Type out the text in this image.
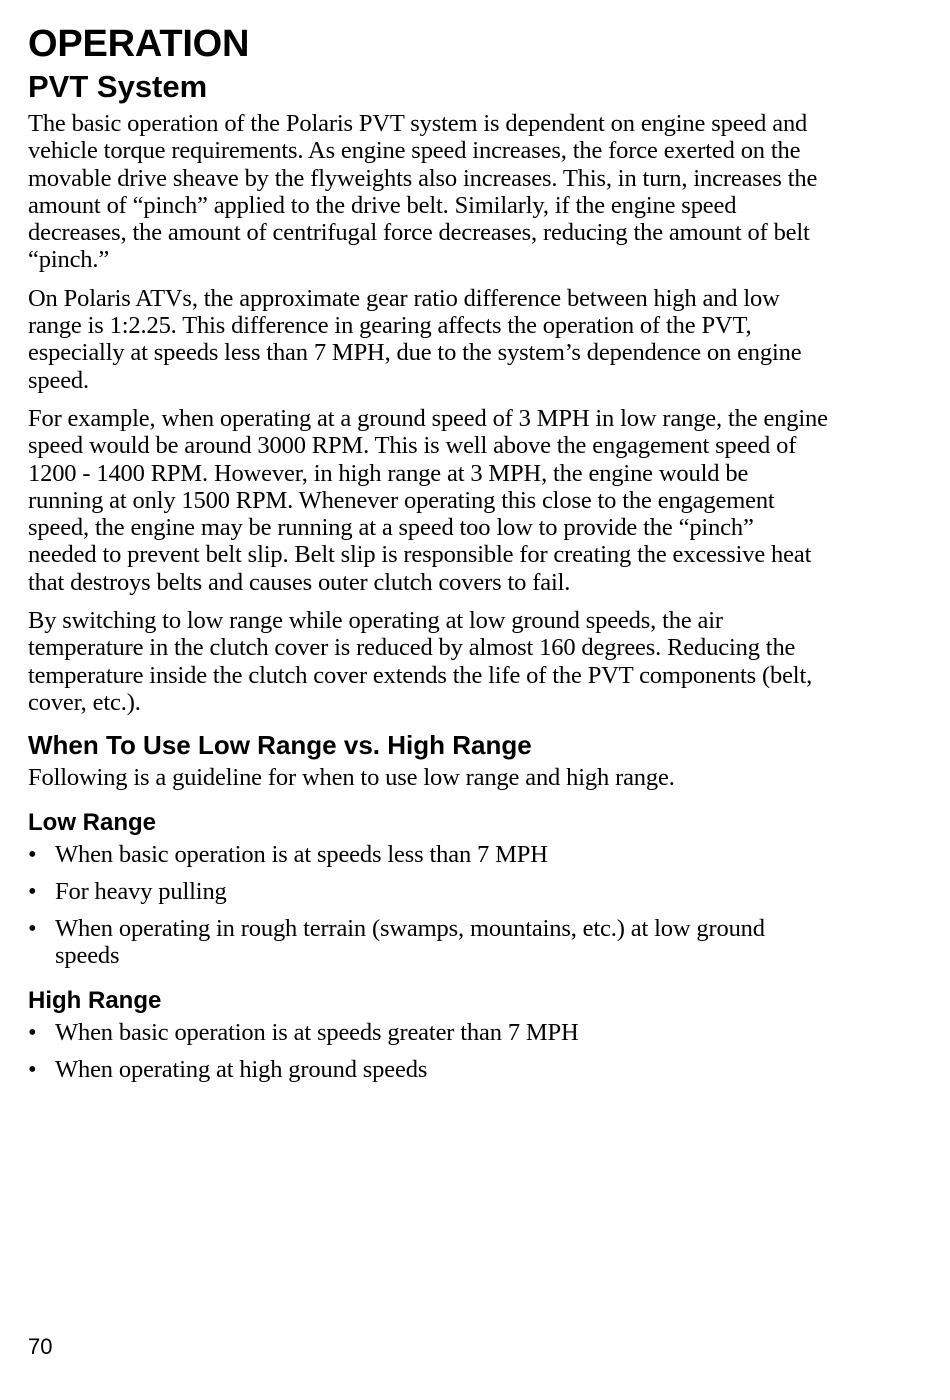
OPERATION
PVT System

The basic operation of the Polaris PVT system is dependent on engine speed and vehicle torque requirements. As engine speed increases, the force exerted on the movable drive sheave by the flyweights also increases. This, in turn, increases the amount of “pinch” applied to the drive belt. Similarly, if the engine speed decreases, the amount of centrifugal force decreases, reducing the amount of belt “pinch.”

On Polaris ATVs, the approximate gear ratio difference between high and low range is 1:2.25. This difference in gearing affects the operation of the PVT, especially at speeds less than 7 MPH, due to the system’s dependence on engine speed.

For example, when operating at a ground speed of 3 MPH in low range, the engine speed would be around 3000 RPM. This is well above the engagement speed of 1200 - 1400 RPM. However, in high range at 3 MPH, the engine would be running at only 1500 RPM. Whenever operating this close to the engagement speed, the engine may be running at a speed too low to provide the “pinch” needed to prevent belt slip. Belt slip is responsible for creating the excessive heat that destroys belts and causes outer clutch covers to fail.

By switching to low range while operating at low ground speeds, the air temperature in the clutch cover is reduced by almost 160 degrees. Reducing the temperature inside the clutch cover extends the life of the PVT components (belt, cover, etc.).

When To Use Low Range vs. High Range

Following is a guideline for when to use low range and high range.

Low Range
• When basic operation is at speeds less than 7 MPH
• For heavy pulling
• When operating in rough terrain (swamps, mountains, etc.) at low ground speeds
High Range
• When basic operation is at speeds greater than 7 MPH
• When operating at high ground speeds
70
